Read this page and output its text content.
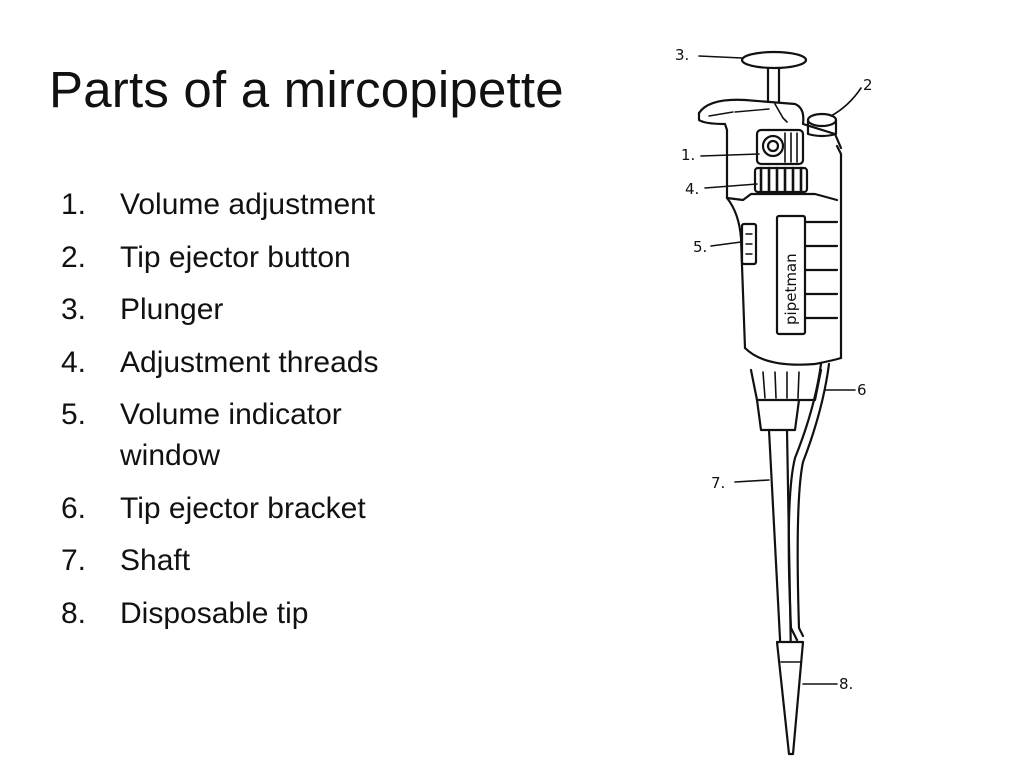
Parts of a mircopipette
1.	Volume adjustment
2.	Tip ejector button
3.	Plunger
4.	Adjustment threads
5.	Volume indicator window
6.	Tip ejector bracket
7.	Shaft
8.	Disposable tip
pipetman
3.
2
1.
4.
5.
6
7.
8.
